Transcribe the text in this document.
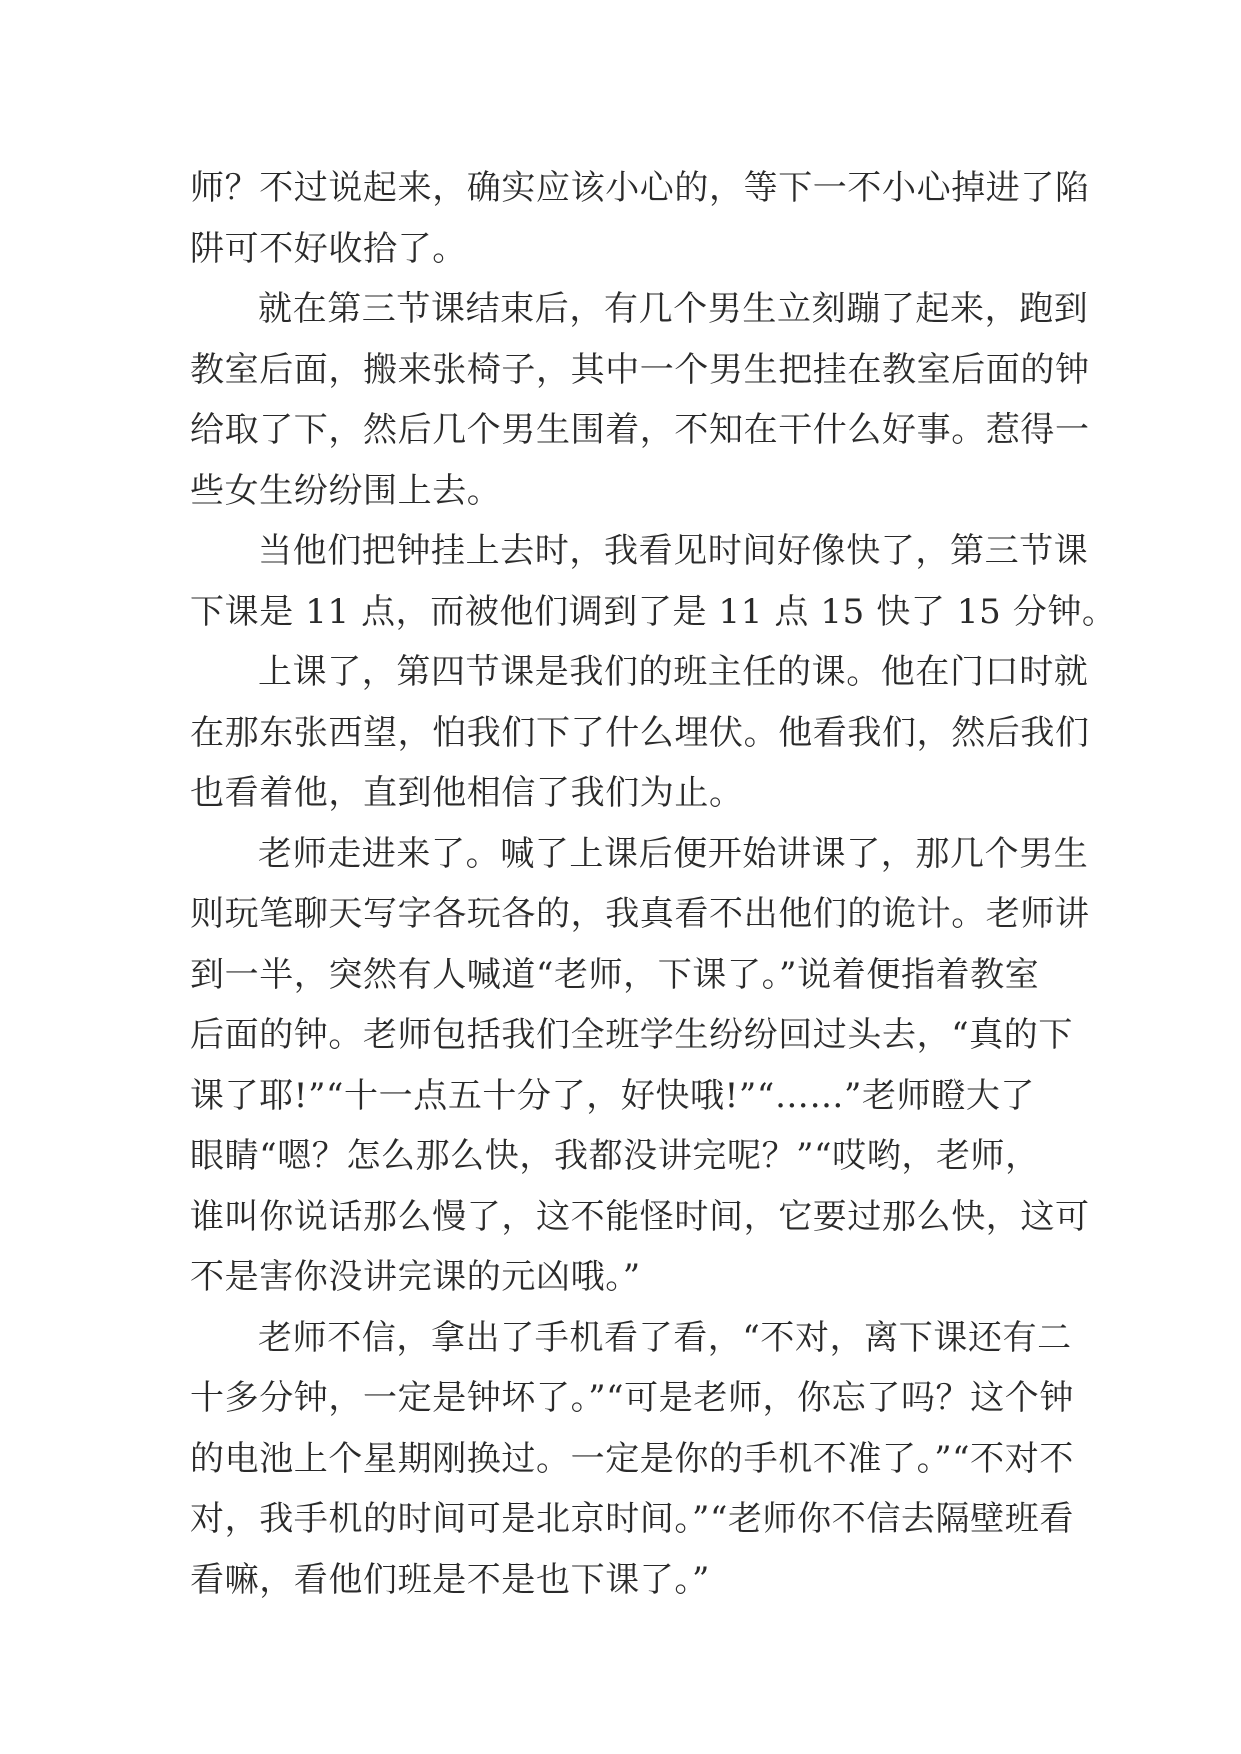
师？不过说起来，确实应该小心的，等下一不小心掉进了陷
阱可不好收拾了。
就在第三节课结束后，有几个男生立刻蹦了起来，跑到
教室后面，搬来张椅子，其中一个男生把挂在教室后面的钟
给取了下，然后几个男生围着，不知在干什么好事。惹得一
些女生纷纷围上去。
当他们把钟挂上去时，我看见时间好像快了，第三节课
下课是 11 点，而被他们调到了是 11 点 15 快了 15 分钟。
上课了，第四节课是我们的班主任的课。他在门口时就
在那东张西望，怕我们下了什么埋伏。他看我们，然后我们
也看着他，直到他相信了我们为止。
老师走进来了。喊了上课后便开始讲课了，那几个男生
则玩笔聊天写字各玩各的，我真看不出他们的诡计。老师讲
到一半，突然有人喊道“老师，下课了。”说着便指着教室
后面的钟。老师包括我们全班学生纷纷回过头去，“真的下
课了耶!”“十一点五十分了，好快哦!”“……”老师瞪大了
眼睛“嗯？怎么那么快，我都没讲完呢？”“哎哟，老师，
谁叫你说话那么慢了，这不能怪时间，它要过那么快，这可
不是害你没讲完课的元凶哦。”
老师不信，拿出了手机看了看，“不对，离下课还有二
十多分钟，一定是钟坏了。”“可是老师，你忘了吗？这个钟
的电池上个星期刚换过。一定是你的手机不准了。”“不对不
对，我手机的时间可是北京时间。”“老师你不信去隔壁班看
看嘛，看他们班是不是也下课了。”
